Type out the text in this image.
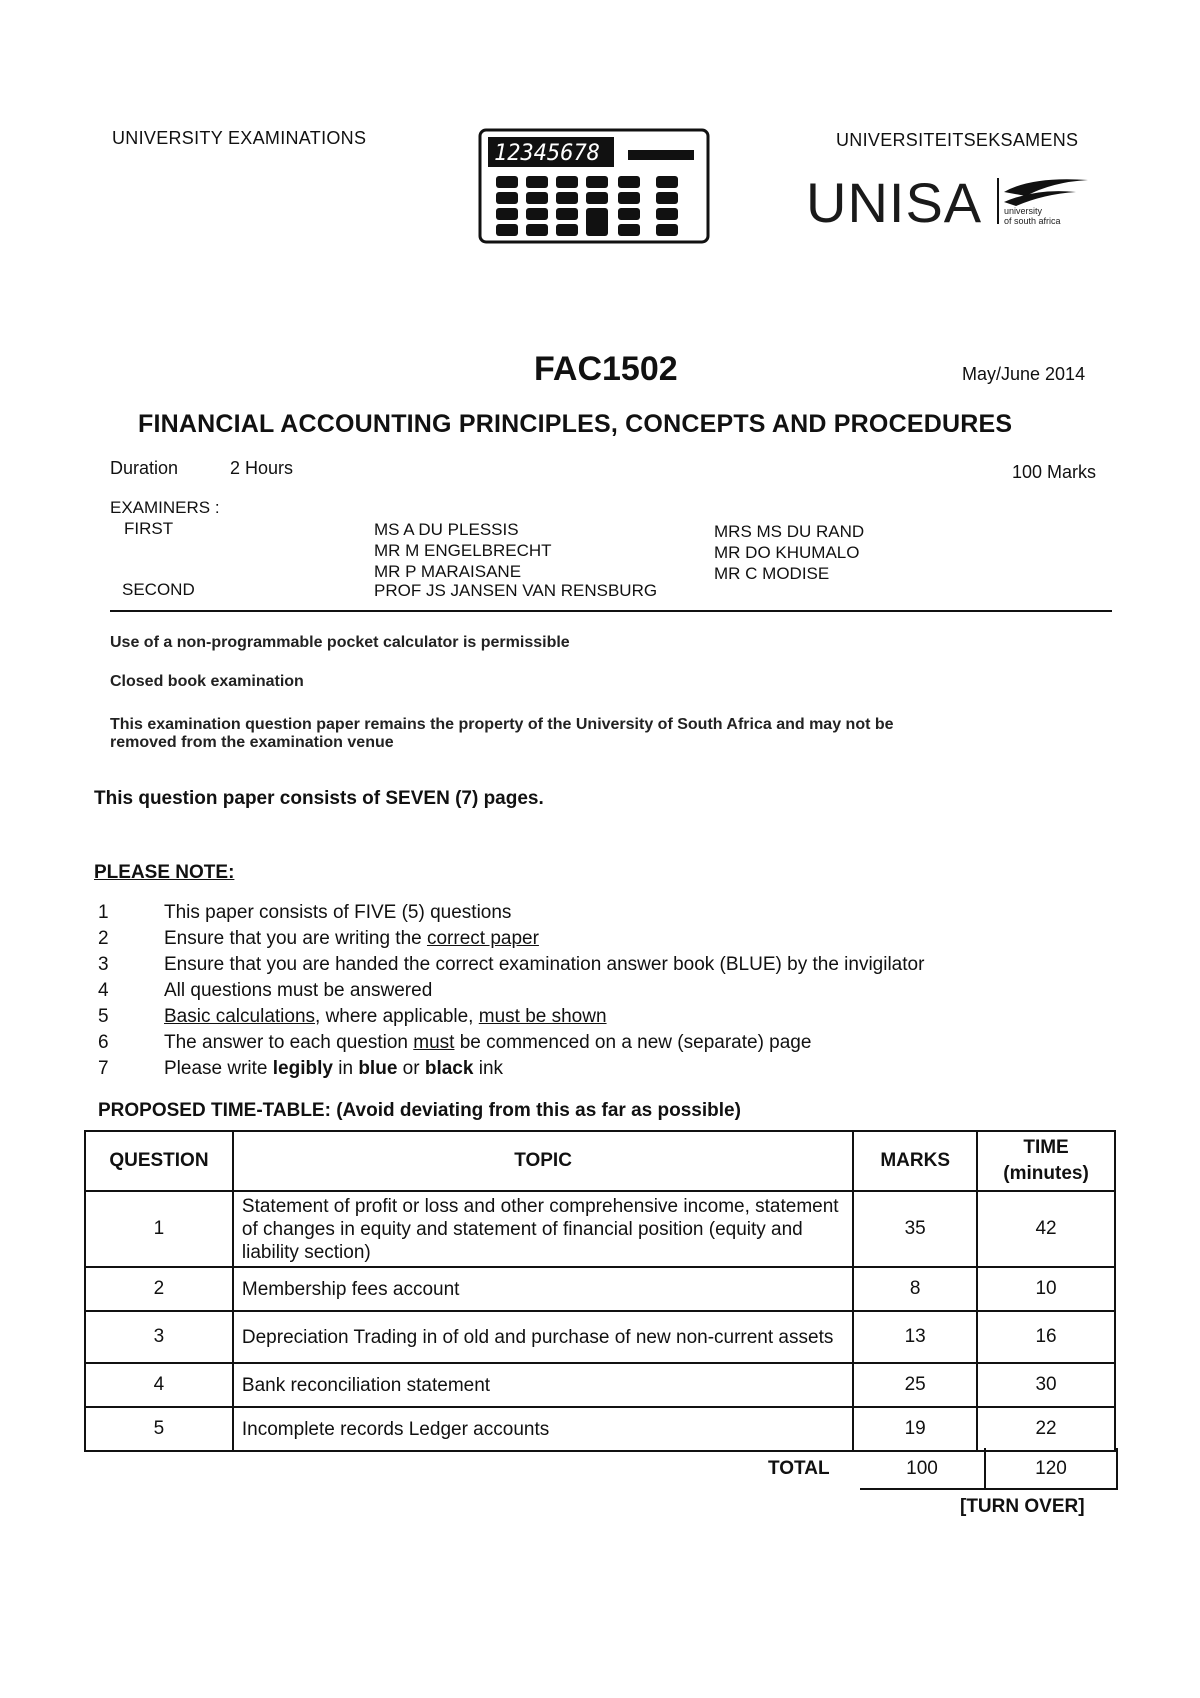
UNIVERSITY EXAMINATIONS	UNIVERSITEITSEKSAMENS
12345678
UNISA university
of south africa
FAC1502	May/June 2014
FINANCIAL ACCOUNTING PRINCIPLES, CONCEPTS AND PROCEDURES
Duration	2 Hours	100 Marks
EXAMINERS :
FIRST	MS A DU PLESSIS
MR M ENGELBRECHT
MR P MARAISANE
MRS MS DU RAND
MR DO KHUMALO
MR C MODISE
SECOND	PROF JS JANSEN VAN RENSBURG
Use of a non-programmable pocket calculator is permissible
Closed book examination
This examination question paper remains the property of the University of South Africa and may not be
removed from the examination venue
This question paper consists of SEVEN (7) pages.
PLEASE NOTE:
1	This paper consists of FIVE (5) questions
2	Ensure that you are writing the correct paper
3	Ensure that you are handed the correct examination answer book (BLUE) by the invigilator
4	All questions must be answered
5	Basic calculations, where applicable, must be shown
6	The answer to each question must be commenced on a new (separate) page
7	Please write legibly in blue or black ink
PROPOSED TIME-TABLE: (Avoid deviating from this as far as possible)
QUESTION	TOPIC	MARKS	TIME
(minutes)

1	Statement of profit or loss and other comprehensive income, statement of changes in equity and statement of financial position (equity and liability section)	35	42
2	Membership fees account	8	10
3	Depreciation Trading in of old and purchase of new non-current assets	13	16
4	Bank reconciliation statement	25	30
5	Incomplete records Ledger accounts	19	22
TOTAL	100	120
[TURN OVER]
